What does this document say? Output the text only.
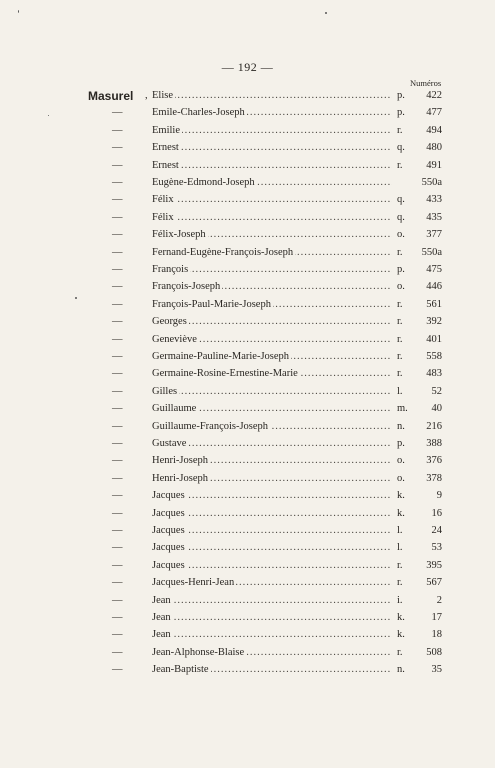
— 192 —
Numéros
Masurel , Elise .....	p.	422
—	Emile-Charles-Joseph .....	p.	477
—	Emilie .....	r.	494
—	Ernest .....	q.	480
—	Ernest .....	r.	491
—	Eugène-Edmond-Joseph .....	550a
—	Félix .....	q.	433
—	Félix .....	q.	435
—	Félix-Joseph .....	o.	377
—	Fernand-Eugène-François-Joseph .....	r.	550a
—	François .....	p.	475
—	François-Joseph .....	o.	446
—	François-Paul-Marie-Joseph .....	r.	561
—	Georges .....	r.	392
—	Geneviève .....	r.	401
—	Germaine-Pauline-Marie-Joseph .....	r.	558
—	Germaine-Rosine-Ernestine-Marie .....	r.	483
—	Gilles .....	l.	52
—	Guillaume .....	m.	40
—	Guillaume-François-Joseph .....	n.	216
—	Gustave .....	p.	388
—	Henri-Joseph .....	o.	376
—	Henri-Joseph .....	o.	378
—	Jacques .....	k.	9
—	Jacques .....	k.	16
—	Jacques .....	l.	24
—	Jacques .....	l.	53
—	Jacques .....	r.	395
—	Jacques-Henri-Jean .....	r.	567
—	Jean .....	i.	2
—	Jean .....	k.	17
—	Jean .....	k.	18
—	Jean-Alphonse-Blaise .....	r.	508
—	Jean-Baptiste .....	n.	35
